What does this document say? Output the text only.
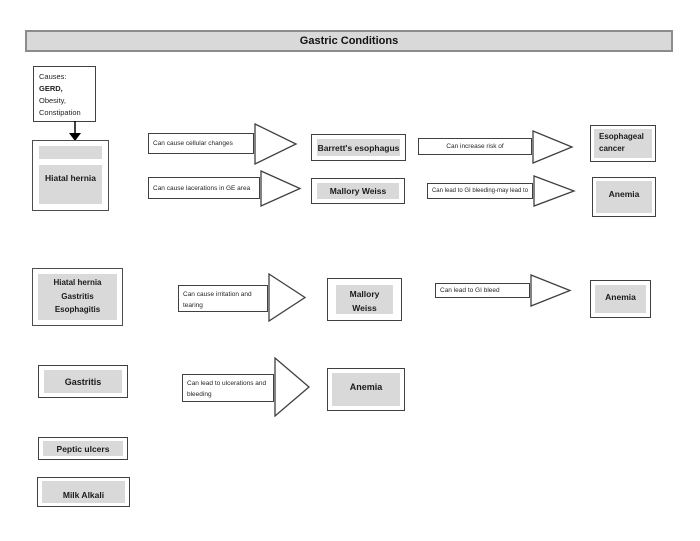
Gastric Conditions
Causes:
GERD,
Obesity,
Constipation
Hiatal hernia
Can cause cellular changes	Barrett's esophagus	Can increase risk of
Esophageal
cancer
Can cause lacerations in GE area	Mallory Weiss	Can lead to GI bleeding-may lead to	Anemia
Hiatal hernia
Gastritis
Esophagitis
Can cause irritation and
tearing
Mallory
Weiss
Can lead to GI bleed
Anemia
Gastritis	Can lead to ulcerations and
bleeding
Anemia
Peptic ulcers
Milk Alkali
